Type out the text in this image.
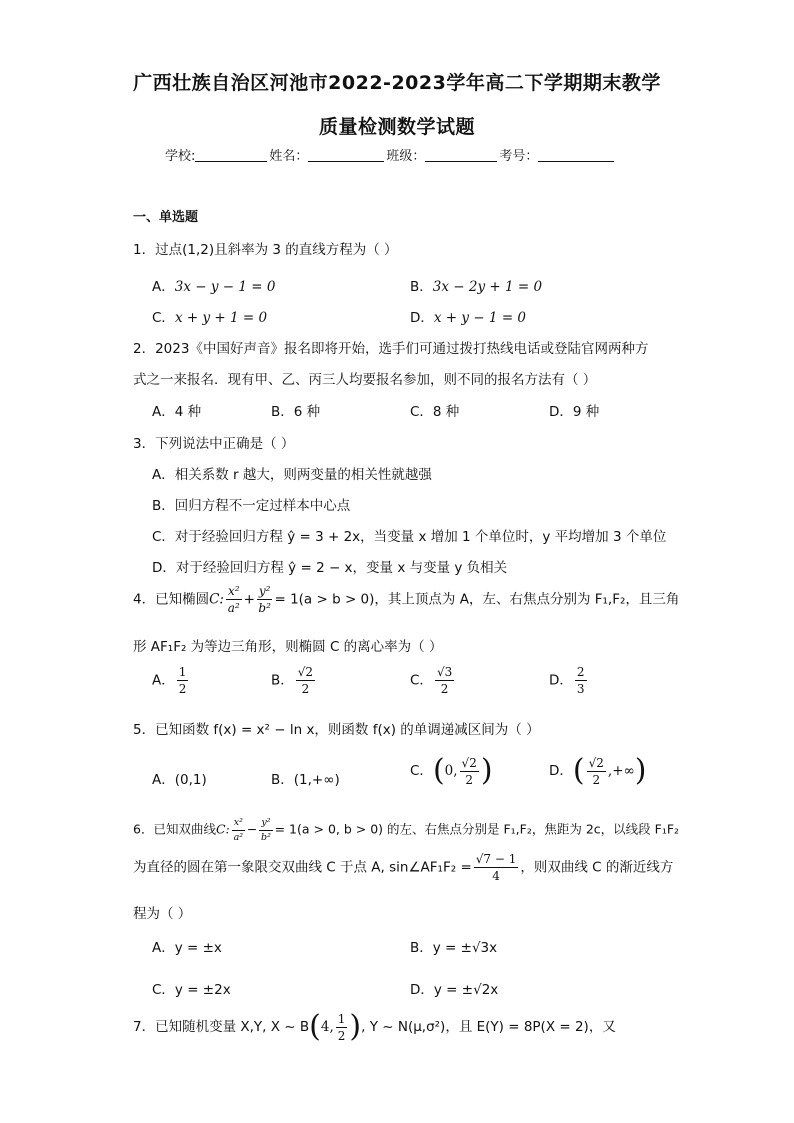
广西壮族自治区河池市2022-2023学年高二下学期期末教学
质量检测数学试题
学校:	姓名：	班级：	考号：
一、单选题
1．过点(1,2)且斜率为 3 的直线方程为（ ）
A．3x − y − 1 = 0	B．3x − 2y + 1 = 0
C．x + y + 1 = 0	D．x + y − 1 = 0
2．2023《中国好声音》报名即将开始，选手们可通过拨打热线电话或登陆官网两种方
式之一来报名．现有甲、乙、丙三人均要报名参加，则不同的报名方法有（ ）
A．4 种	B．6 种	C．8 种	D．9 种
3．下列说法中正确是（ ）
A．相关系数 r 越大，则两变量的相关性就越强
B．回归方程不一定过样本中心点
C．对于经验回归方程 ŷ = 3 + 2x，当变量 x 增加 1 个单位时，y 平均增加 3 个单位
D．对于经验回归方程 ŷ = 2 − x，变量 x 与变量 y 负相关
4．已知椭圆C: $\frac{\text{x²}}{\text{a²}} + \frac{\text{y²}}{\text{b²}} = 1(a > b > 0)$，其上顶点为 A，左、右焦点分别为 F₁,F₂，且三角
形 AF₁F₂ 为等边三角形，则椭圆 C 的离心率为（ ）
A． $\frac{1}{2}$	B． $\frac{√2}{2}$	C． $\frac{√3}{2}$	D． $\frac{2}{3}$
5．已知函数 f(x) = x² − ln x，则函数 f(x) 的单调递减区间为（ ）
A．(0,1)	B．(1,+∞)
C．(0, $\frac{√2}{2}$ )	D．( $\frac{√2}{2}$ ,+∞)
6．已知双曲线C: $\frac{\text{x²}}{\text{a²}} - \frac{\text{y²}}{\text{b²}} = 1(a > 0$, b > 0) 的左、右焦点分别是 F₁,F₂，焦距为 2c，以线段 F₁F₂
为直径的圆在第一象限交双曲线 C 于点 A, sin∠AF₁F₂ = $\frac{√7 - 1}{4}$ ，则双曲线 C 的渐近线方
程为（ ）
A．y = ±x	B．y = ±√3x
C．y = ±2x	D．y = ±√2x
7．已知随机变量 X,Y, X ~ B(4, $\frac{1}{2}$ ), Y ~ N(μ,σ²)，且 E(Y) = 8P(X = 2)，又
